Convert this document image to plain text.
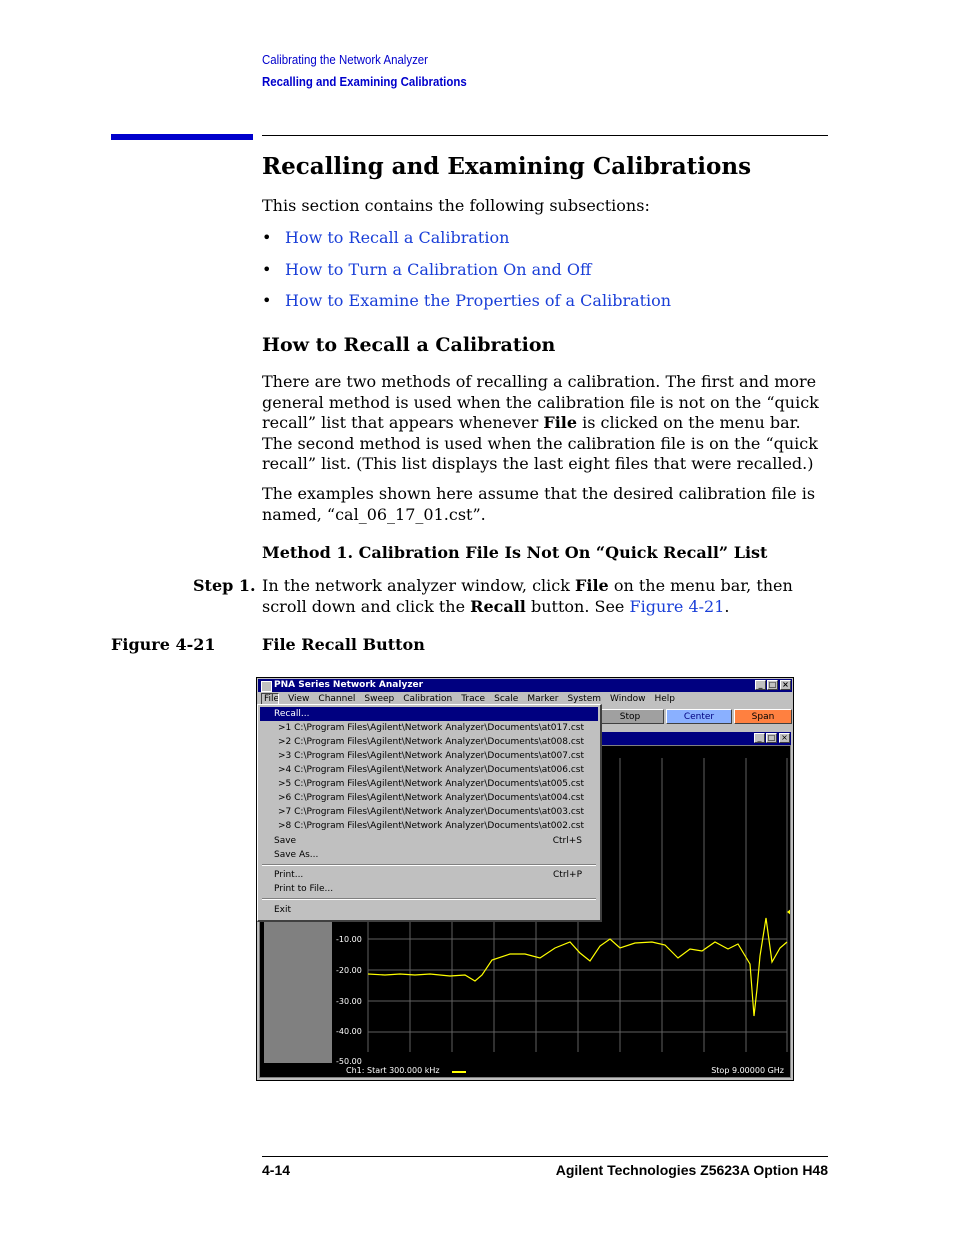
Calibrating the Network Analyzer
Recalling and Examining Calibrations
Recalling and Examining Calibrations

This section contains the following subsections:

• How to Recall a Calibration
• How to Turn a Calibration On and Off
• How to Examine the Properties of a Calibration
How to Recall a Calibration

There are two methods of recalling a calibration. The first and more general method is used when the calibration file is not on the “quick recall” list that appears whenever File is clicked on the menu bar. The second method is used when the calibration file is on the “quick recall” list. (This list displays the last eight files that were recalled.)

The examples shown here assume that the desired calibration file is named, “cal_06_17_01.cst”.

Method 1. Calibration File Is Not On “Quick Recall” List
Step 1. In the network analyzer window, click File on the menu bar, then scroll down and click the Recall button. See Figure 4-21.

Figure 4-21	File Recall Button
PNA Series Network Analyzer	_ □ ×
File View Channel Sweep Calibration Trace Scale Marker System Window Help
Stop	Center	Span
_ □ ×
-10.00
-20.00
-30.00
-40.00
-50.00
Ch1: Start 300.000 kHz	Stop 9.00000 GHz
Recall...
>1 C:\Program Files\Agilent\Network Analyzer\Documents\at017.cst
>2 C:\Program Files\Agilent\Network Analyzer\Documents\at008.cst
>3 C:\Program Files\Agilent\Network Analyzer\Documents\at007.cst
>4 C:\Program Files\Agilent\Network Analyzer\Documents\at006.cst
>5 C:\Program Files\Agilent\Network Analyzer\Documents\at005.cst
>6 C:\Program Files\Agilent\Network Analyzer\Documents\at004.cst
>7 C:\Program Files\Agilent\Network Analyzer\Documents\at003.cst
>8 C:\Program Files\Agilent\Network Analyzer\Documents\at002.cst
Save	Ctrl+S
Save As...
Print...	Ctrl+P
Print to File...
Exit
4-14	Agilent Technologies Z5623A Option H48
